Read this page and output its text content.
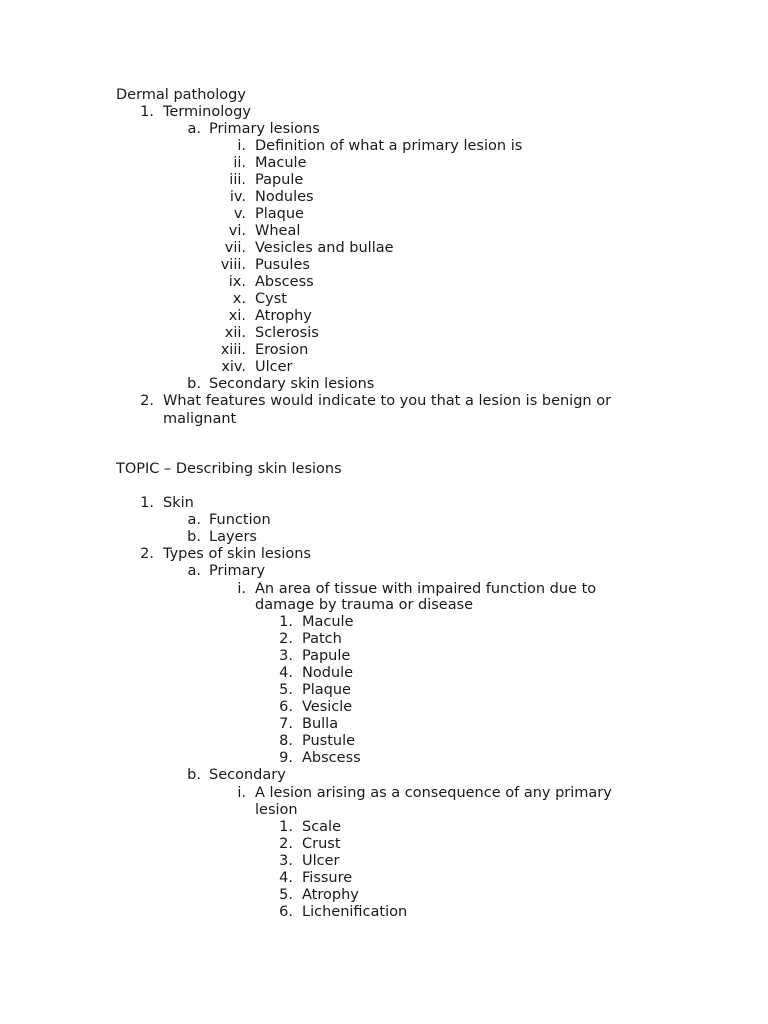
Dermal pathology
1. Terminology
a. Primary lesions
i. Definition of what a primary lesion is
ii. Macule
iii. Papule
iv. Nodules
v. Plaque
vi. Wheal
vii. Vesicles and bullae
viii. Pusules
ix. Abscess
x. Cyst
xi. Atrophy
xii. Sclerosis
xiii. Erosion
xiv. Ulcer
b. Secondary skin lesions
2. What features would indicate to you that a lesion is benign or
malignant
TOPIC – Describing skin lesions
1. Skin
a. Function
b. Layers
2. Types of skin lesions
a. Primary
i. An area of tissue with impaired function due to
damage by trauma or disease
1. Macule
2. Patch
3. Papule
4. Nodule
5. Plaque
6. Vesicle
7. Bulla
8. Pustule
9. Abscess
b. Secondary
i. A lesion arising as a consequence of any primary
lesion
1. Scale
2. Crust
3. Ulcer
4. Fissure
5. Atrophy
6. Lichenification
